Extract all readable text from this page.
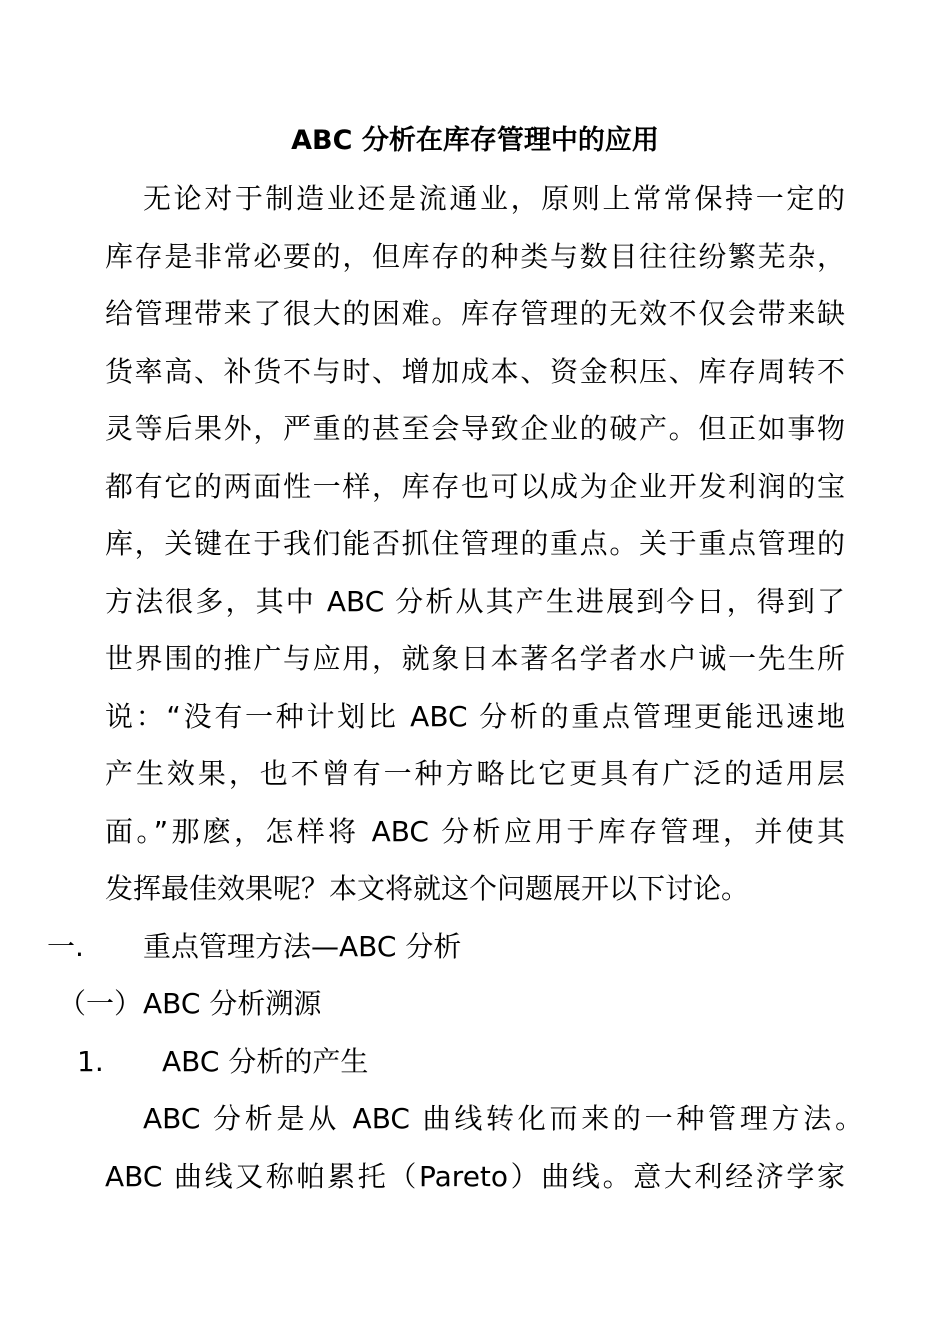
ABC 分析在库存管理中的应用
无论对于制造业还是流通业，原则上常常保持一定的
库存是非常必要的，但库存的种类与数目往往纷繁芜杂，
给管理带来了很大的困难。库存管理的无效不仅会带来缺
货率高、补货不与时、增加成本、资金积压、库存周转不
灵等后果外，严重的甚至会导致企业的破产。但正如事物
都有它的两面性一样，库存也可以成为企业开发利润的宝
库，关键在于我们能否抓住管理的重点。关于重点管理的
方法很多，其中 ABC 分析从其产生进展到今日，得到了
世界围的推广与应用，就象日本著名学者水户诚一先生所
说：“没有一种计划比 ABC 分析的重点管理更能迅速地
产生效果，也不曾有一种方略比它更具有广泛的适用层
面。”那麽，怎样将 ABC 分析应用于库存管理，并使其
发挥最佳效果呢？本文将就这个问题展开以下讨论。
一. 重点管理方法—ABC 分析
（一） ABC 分析溯源
1. ABC 分析的产生
ABC 分析是从 ABC 曲线转化而来的一种管理方法。
ABC 曲线又称帕累托（Pareto）曲线。意大利经济学家
